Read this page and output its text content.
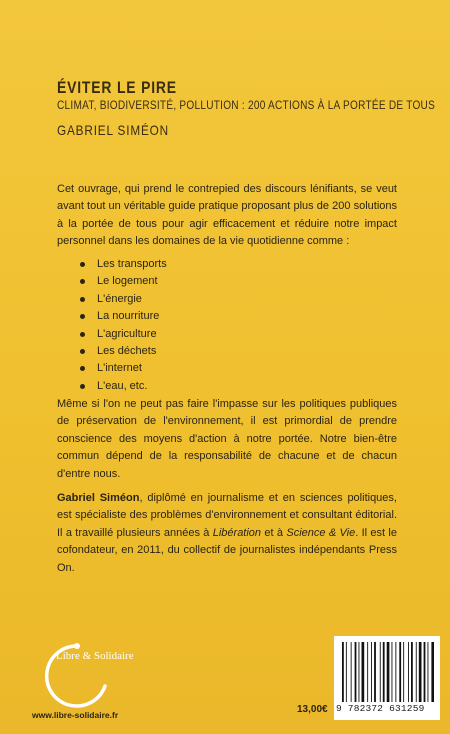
ÉVITER LE PIRE
CLIMAT, BIODIVERSITÉ, POLLUTION : 200 ACTIONS À LA PORTÉE DE TOUS
GABRIEL SIMÉON

Cet ouvrage, qui prend le contrepied des discours lénifiants, se veut avant tout un véritable guide pratique proposant plus de 200 solutions à la portée de tous pour agir efficacement et réduire notre impact personnel dans les domaines de la vie quotidienne comme :

Les transports
Le logement
L'énergie
La nourriture
L'agriculture
Les déchets
L'internet
L'eau, etc.

Même si l'on ne peut pas faire l'impasse sur les politiques publiques de préservation de l'environnement, il est primordial de prendre conscience des moyens d'action à notre portée. Notre bien-être commun dépend de la responsabilité de chacune et de chacun d'entre nous.

Gabriel Siméon, diplômé en journalisme et en sciences politiques, est spécialiste des problèmes d'environnement et consultant éditorial. Il a travaillé plusieurs années à Libération et à Science & Vie. Il est le cofondateur, en 2011, du collectif de journalistes indépendants Press On.

Libre & Solidaire
www.libre-solidaire.fr	13,00€ 9 782372 631259
